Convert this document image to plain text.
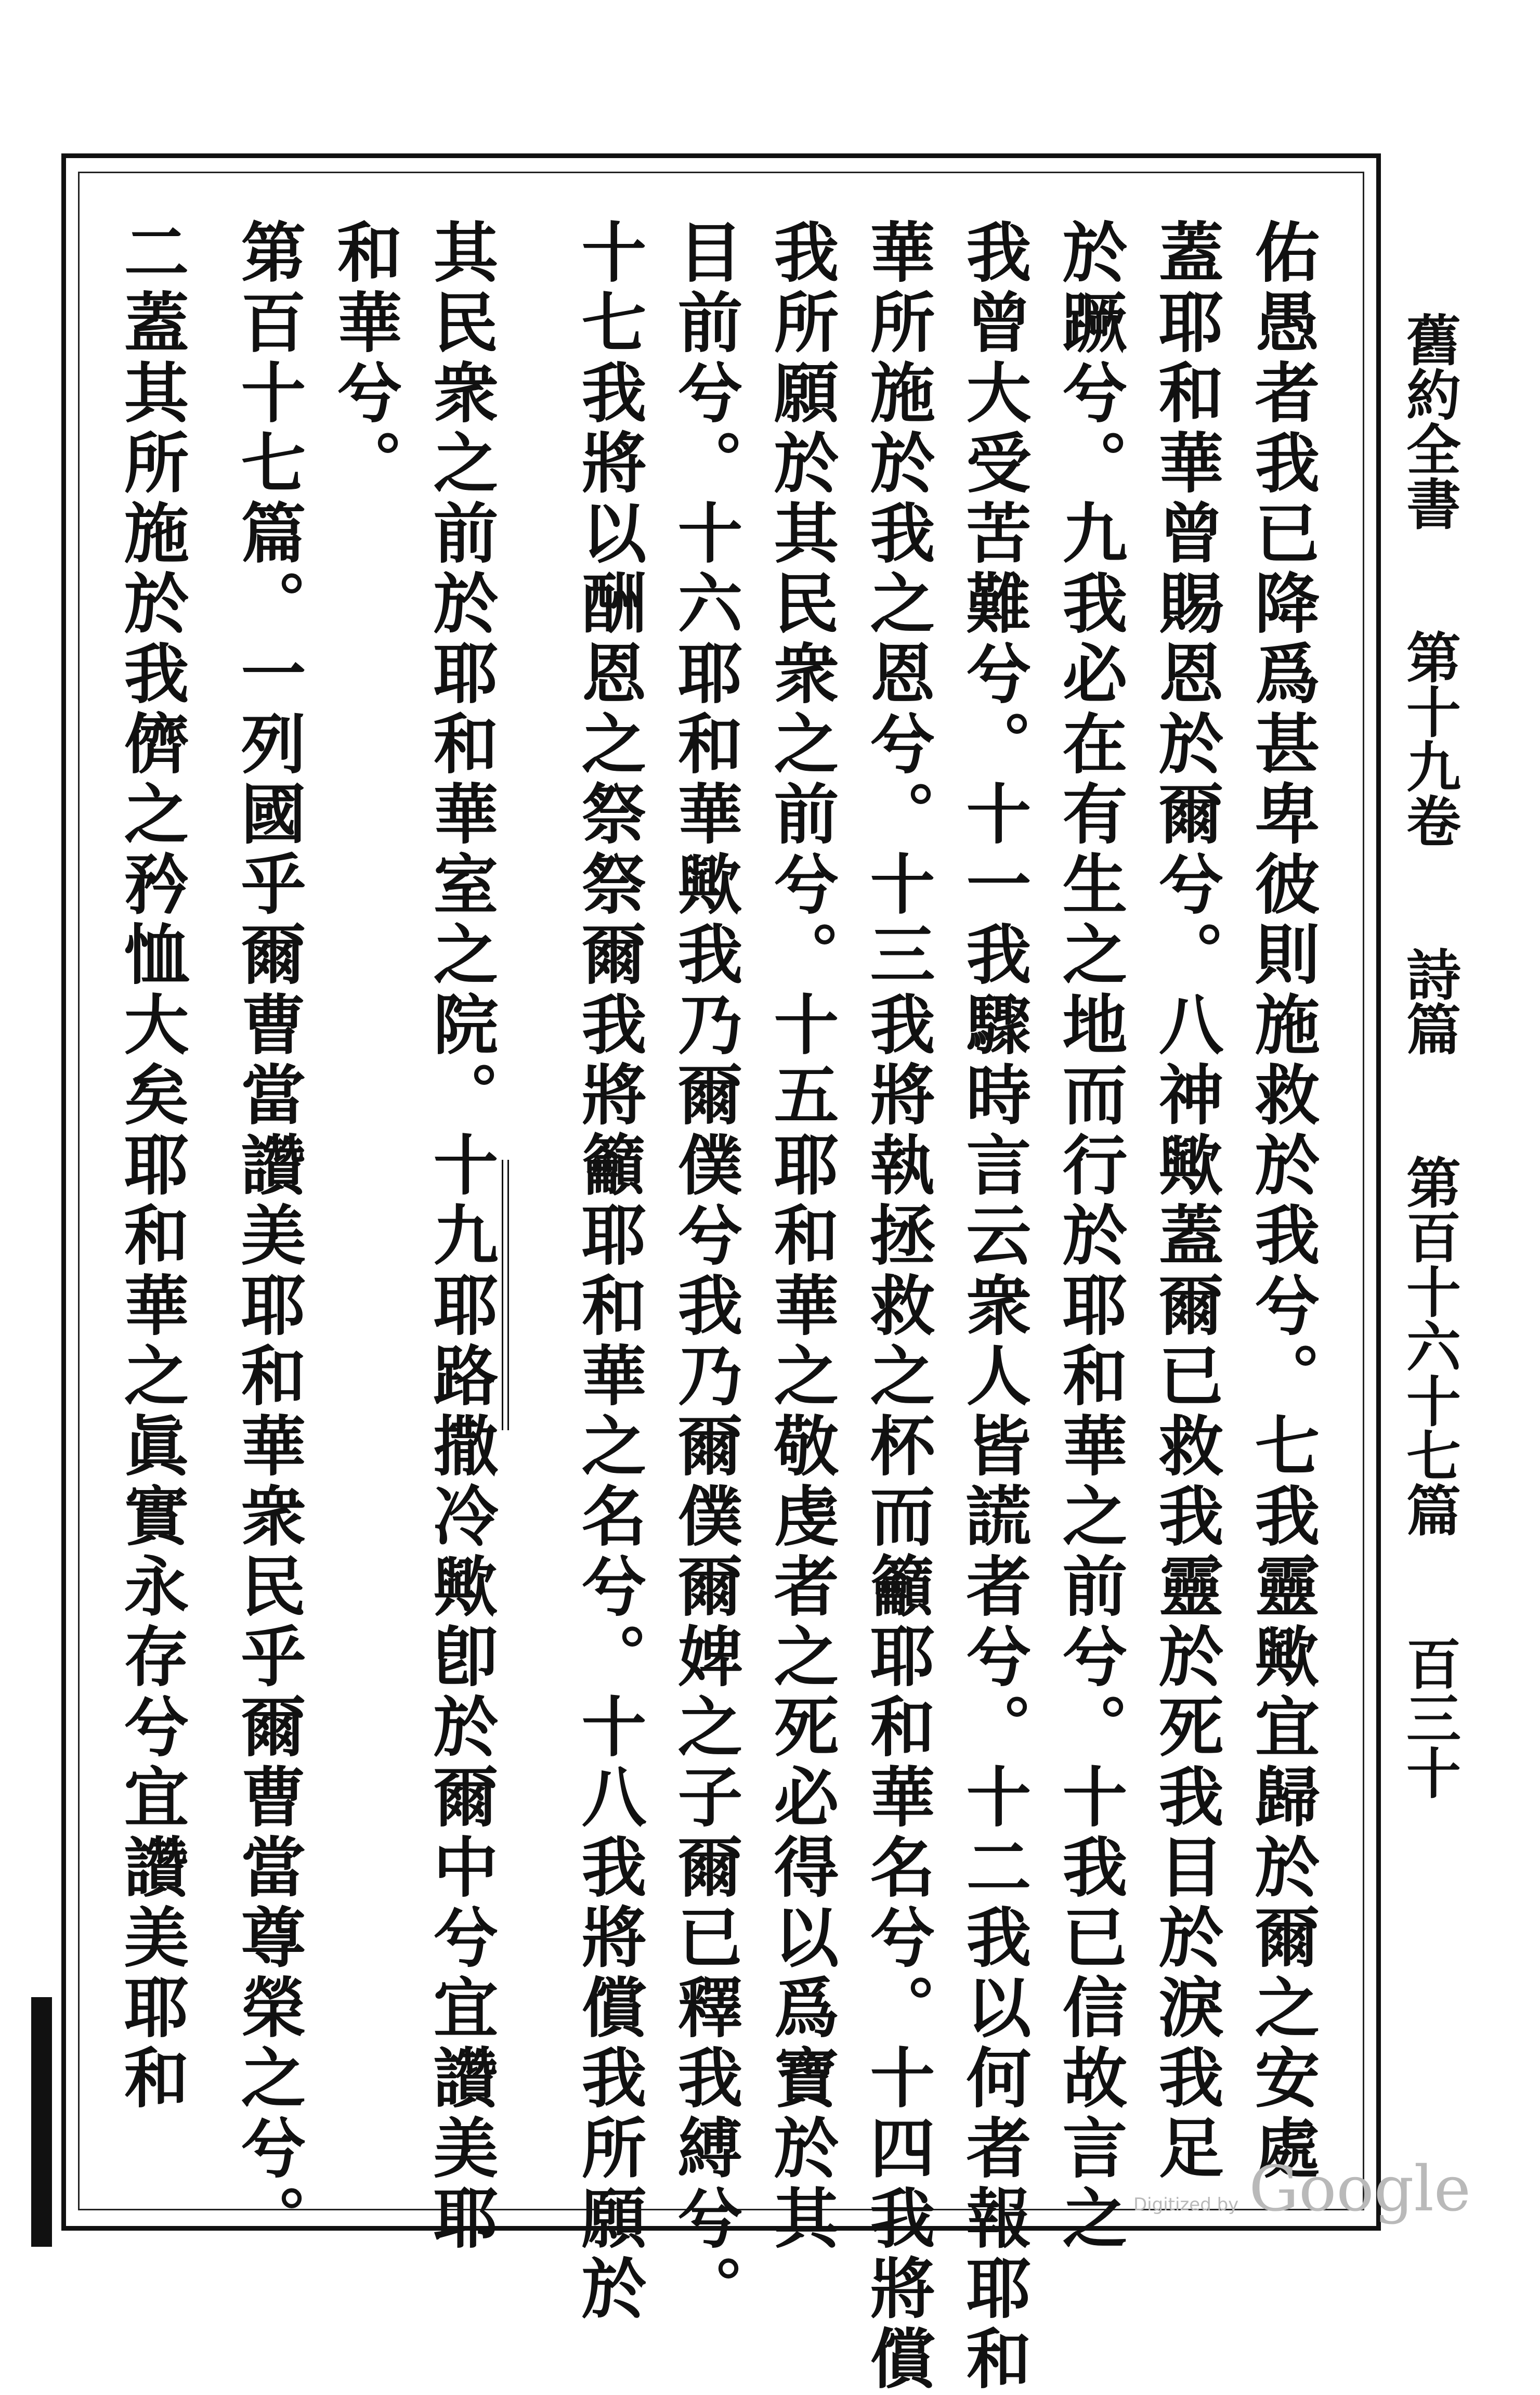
舊約全書第十九卷詩篇第百十六十七篇百三十
佑愚者我已降爲甚卑彼則施救於我兮。七我靈歟宜歸於爾之安處
蓋耶和華曾賜恩於爾兮。八神歟蓋爾已救我靈於死我目於淚我足
於蹶兮。九我必在有生之地而行於耶和華之前兮。十我已信故言之
我曾大受苦難兮。十一我驟時言云衆人皆謊者兮。十二我以何者報耶和
華所施於我之恩兮。十三我將執拯救之杯而籲耶和華名兮。十四我將償
我所願於其民衆之前兮。十五耶和華之敬虔者之死必得以爲寶於其
目前兮。十六耶和華歟我乃爾僕兮我乃爾僕爾婢之子爾已釋我縛兮。
十七我將以酬恩之祭祭爾我將籲耶和華之名兮。十八我將償我所願於
其民衆之前於耶和華室之院。十九耶路撒冷歟卽於爾中兮宜讚美耶
和華兮。
第百十七篇。一列國乎爾曹當讚美耶和華衆民乎爾曹當尊榮之兮。
二蓋其所施於我儕之矜恤大矣耶和華之眞實永存兮宜讚美耶和
Digitized by Google
